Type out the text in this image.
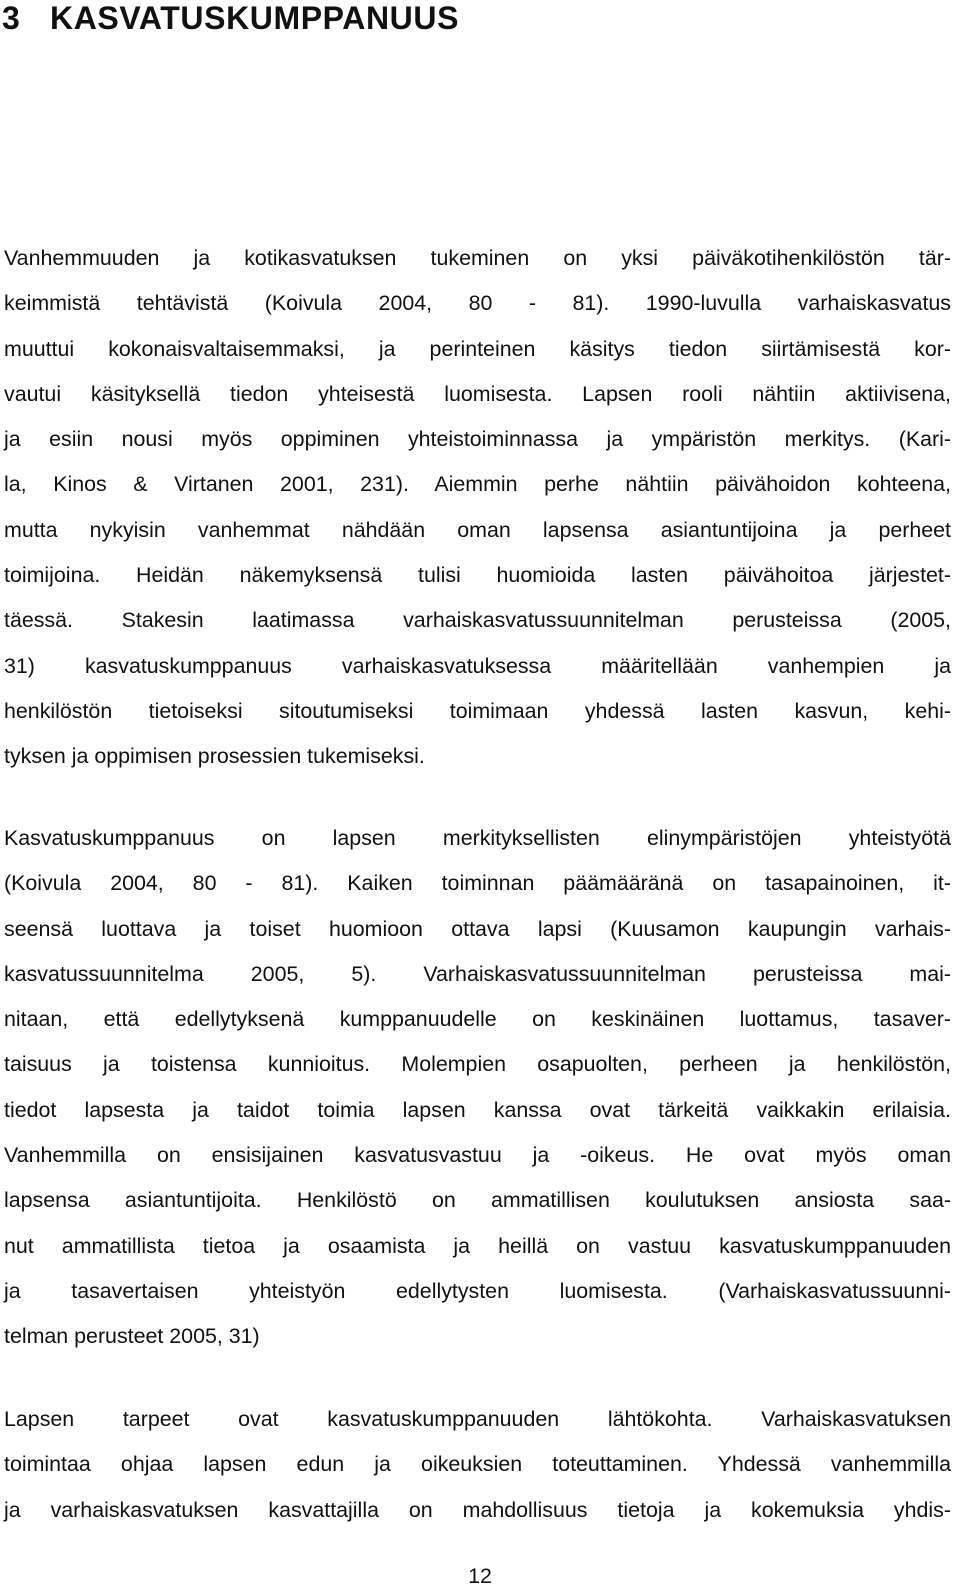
3 KASVATUSKUMPPANUUS
Vanhemmuuden ja kotikasvatuksen tukeminen on yksi päiväkotihenkilöstön tär-
keimmistä tehtävistä (Koivula 2004, 80 - 81). 1990-luvulla varhaiskasvatus
muuttui kokonaisvaltaisemmaksi, ja perinteinen käsitys tiedon siirtämisestä kor-
vautui käsityksellä tiedon yhteisestä luomisesta. Lapsen rooli nähtiin aktiivisena,
ja esiin nousi myös oppiminen yhteistoiminnassa ja ympäristön merkitys. (Kari-
la, Kinos & Virtanen 2001, 231). Aiemmin perhe nähtiin päivähoidon kohteena,
mutta nykyisin vanhemmat nähdään oman lapsensa asiantuntijoina ja perheet
toimijoina. Heidän näkemyksensä tulisi huomioida lasten päivähoitoa järjestet-
täessä. Stakesin laatimassa varhaiskasvatussuunnitelman perusteissa (2005,
31) kasvatuskumppanuus varhaiskasvatuksessa määritellään vanhempien ja
henkilöstön tietoiseksi sitoutumiseksi toimimaan yhdessä lasten kasvun, kehi-
tyksen ja oppimisen prosessien tukemiseksi.
Kasvatuskumppanuus on lapsen merkityksellisten elinympäristöjen yhteistyötä
(Koivula 2004, 80 - 81). Kaiken toiminnan päämääränä on tasapainoinen, it-
seensä luottava ja toiset huomioon ottava lapsi (Kuusamon kaupungin varhais-
kasvatussuunnitelma 2005, 5). Varhaiskasvatussuunnitelman perusteissa mai-
nitaan, että edellytyksenä kumppanuudelle on keskinäinen luottamus, tasaver-
taisuus ja toistensa kunnioitus. Molempien osapuolten, perheen ja henkilöstön,
tiedot lapsesta ja taidot toimia lapsen kanssa ovat tärkeitä vaikkakin erilaisia.
Vanhemmilla on ensisijainen kasvatusvastuu ja -oikeus. He ovat myös oman
lapsensa asiantuntijoita. Henkilöstö on ammatillisen koulutuksen ansiosta saa-
nut ammatillista tietoa ja osaamista ja heillä on vastuu kasvatuskumppanuuden
ja tasavertaisen yhteistyön edellytysten luomisesta. (Varhaiskasvatussuunni-
telman perusteet 2005, 31)
Lapsen tarpeet ovat kasvatuskumppanuuden lähtökohta. Varhaiskasvatuksen
toimintaa ohjaa lapsen edun ja oikeuksien toteuttaminen. Yhdessä vanhemmilla
ja varhaiskasvatuksen kasvattajilla on mahdollisuus tietoja ja kokemuksia yhdis-
12
